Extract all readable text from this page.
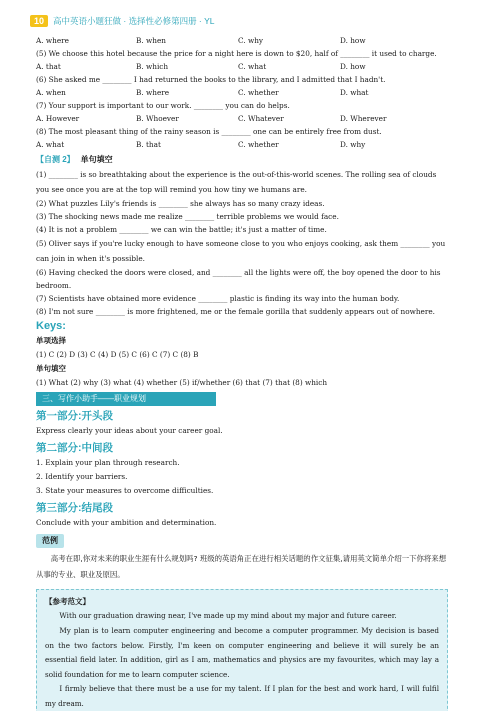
10	高中英语小题狂做 · 选择性必修第四册 · YL
A. where	B. when	C. why	D. how
(5) We choose this hotel because the price for a night here is down to $20, half of ________ it used to charge.
A. that	B. which	C. what	D. how
(6) She asked me ________ I had returned the books to the library, and I admitted that I hadn't.
A. when	B. where	C. whether	D. what
(7) Your support is important to our work. ________ you can do helps.
A. However	B. Whoever	C. Whatever	D. Wherever
(8) The most pleasant thing of the rainy season is ________ one can be entirely free from dust.
A. what	B. that	C. whether	D. why
【自测 2】 单句填空
(1) ________ is so breathtaking about the experience is the out-of-this-world scenes. The rolling sea of clouds you see once you are at the top will remind you how tiny we humans are.
(2) What puzzles Lily's friends is ________ she always has so many crazy ideas.
(3) The shocking news made me realize ________ terrible problems we would face.
(4) It is not a problem ________ we can win the battle; it's just a matter of time.
(5) Oliver says if you're lucky enough to have someone close to you who enjoys cooking, ask them ________ you can join in when it's possible.
(6) Having checked the doors were closed, and ________ all the lights were off, the boy opened the door to his bedroom.
(7) Scientists have obtained more evidence ________ plastic is finding its way into the human body.
(8) I'm not sure ________ is more frightened, me or the female gorilla that suddenly appears out of nowhere.
Keys:
单项选择
(1) C (2) D (3) C (4) D (5) C (6) C (7) C (8) B
单句填空
(1) What (2) why (3) what (4) whether (5) if/whether (6) that (7) that (8) which
三、写作小助手——职业规划
第一部分:开头段
Express clearly your ideas about your career goal.
第二部分:中间段
1. Explain your plan through research.
2. Identify your barriers.
3. State your measures to overcome difficulties.
第三部分:结尾段
Conclude with your ambition and determination.
范例
高考在即,你对未来的职业生涯有什么规划吗? 班级的英语角正在进行相关话题的作文征集,请用英文简单介绍一下你将来想从事的专业、职业及原因。
【参考范文】

With our graduation drawing near, I've made up my mind about my major and future career.

My plan is to learn computer engineering and become a computer programmer. My decision is based on the two factors below. Firstly, I'm keen on computer engineering and believe it will surely be an essential field later. In addition, girl as I am, mathematics and physics are my favourites, which may lay a solid foundation for me to learn computer science.

I firmly believe that there must be a use for my talent. If I plan for the best and work hard, I will fulfil my dream.
